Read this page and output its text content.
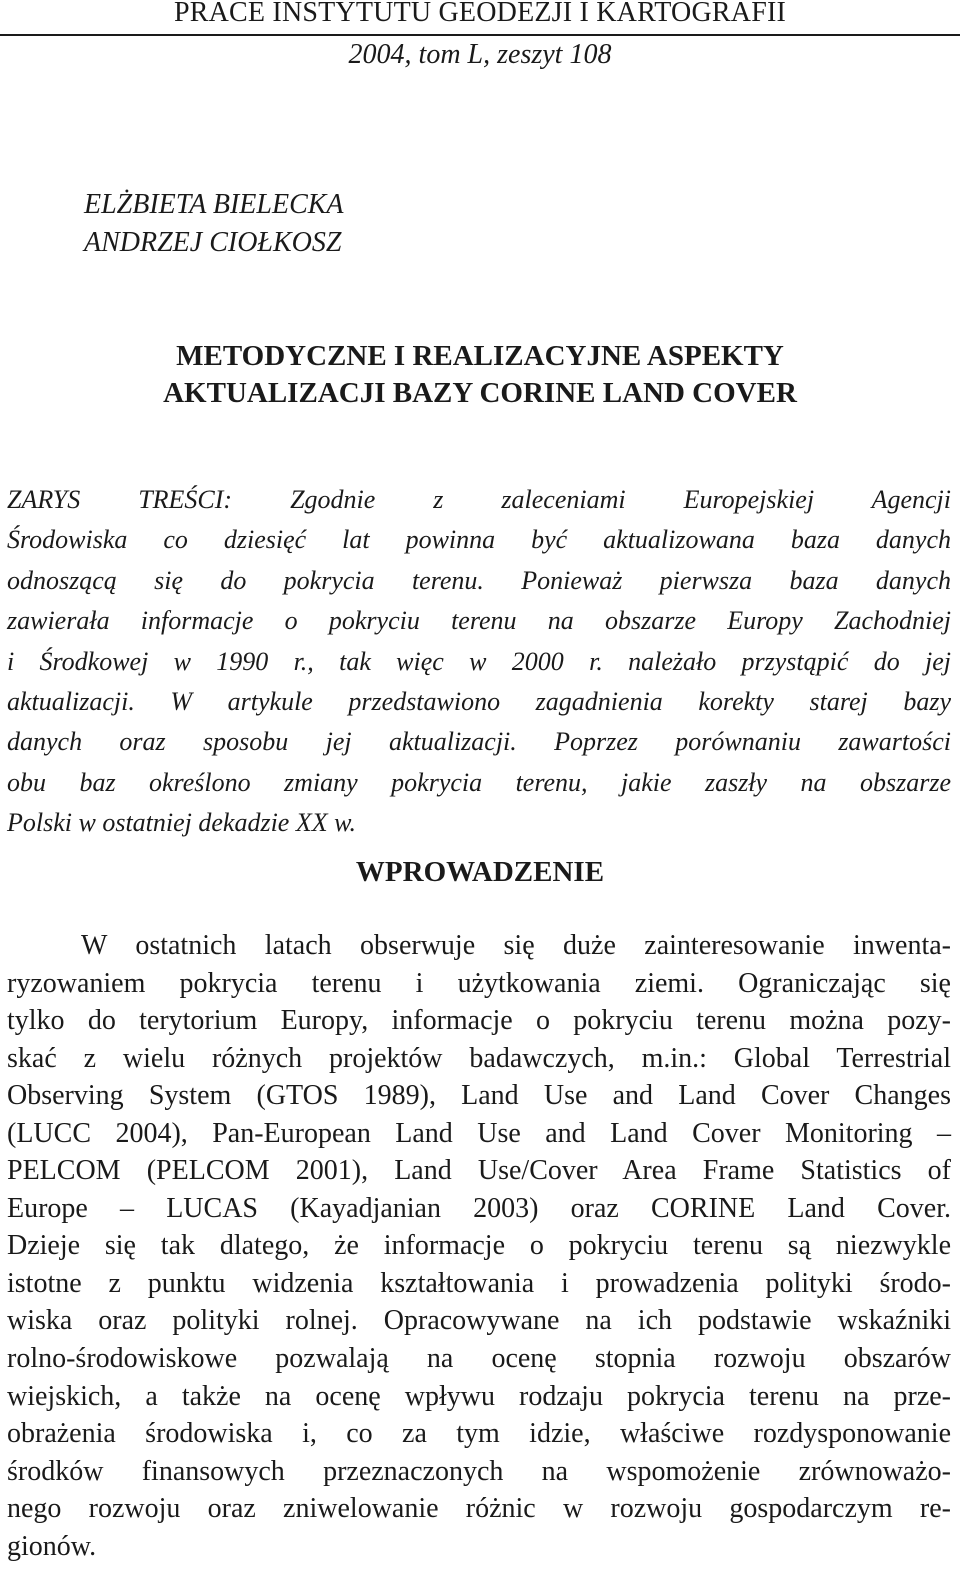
PRACE INSTYTUTU GEODEZJI I KARTOGRAFII
2004, tom L, zeszyt 108
ELŻBIETA BIELECKA
ANDRZEJ CIOŁKOSZ
METODYCZNE I REALIZACYJNE ASPEKTY
AKTUALIZACJI BAZY CORINE LAND COVER
ZARYS TREŚCI: Zgodnie z zaleceniami Europejskiej Agencji
Środowiska co dziesięć lat powinna być aktualizowana baza danych
odnoszącą się do pokrycia terenu. Ponieważ pierwsza baza danych
zawierała informacje o pokryciu terenu na obszarze Europy Zachodniej
i Środkowej w 1990 r., tak więc w 2000 r. należało przystąpić do jej
aktualizacji. W artykule przedstawiono zagadnienia korekty starej bazy
danych oraz sposobu jej aktualizacji. Poprzez porównaniu zawartości
obu baz określono zmiany pokrycia terenu, jakie zaszły na obszarze
Polski w ostatniej dekadzie XX w.
WPROWADZENIE
W ostatnich latach obserwuje się duże zainteresowanie inwenta-
ryzowaniem pokrycia terenu i użytkowania ziemi. Ograniczając się
tylko do terytorium Europy, informacje o pokryciu terenu można pozy-
skać z wielu różnych projektów badawczych, m.in.: Global Terrestrial
Observing System (GTOS 1989), Land Use and Land Cover Changes
(LUCC 2004), Pan-European Land Use and Land Cover Monitoring –
PELCOM (PELCOM 2001), Land Use/Cover Area Frame Statistics of
Europe – LUCAS (Kayadjanian 2003) oraz CORINE Land Cover.
Dzieje się tak dlatego, że informacje o pokryciu terenu są niezwykle
istotne z punktu widzenia kształtowania i prowadzenia polityki środo-
wiska oraz polityki rolnej. Opracowywane na ich podstawie wskaźniki
rolno-środowiskowe pozwalają na ocenę stopnia rozwoju obszarów
wiejskich, a także na ocenę wpływu rodzaju pokrycia terenu na prze-
obrażenia środowiska i, co za tym idzie, właściwe rozdysponowanie
środków finansowych przeznaczonych na wspomożenie zrównoważo-
nego rozwoju oraz zniwelowanie różnic w rozwoju gospodarczym re-
gionów.
